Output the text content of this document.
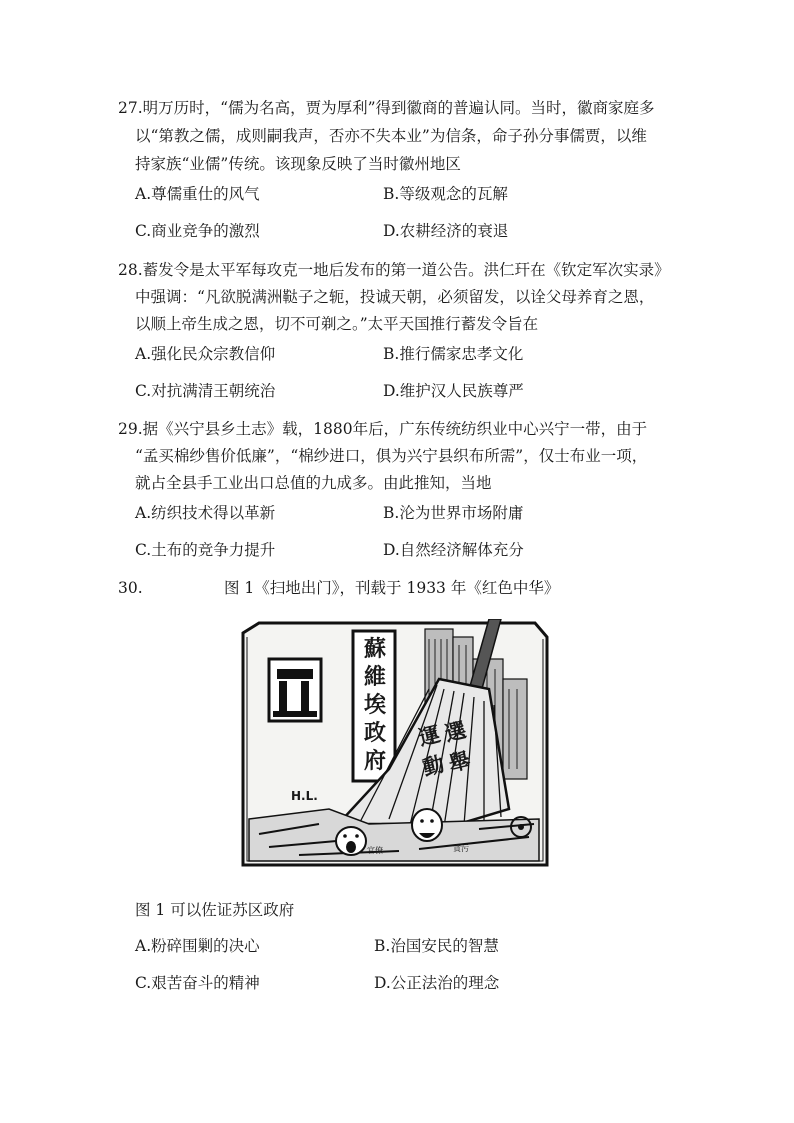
27.明万历时，“儒为名高，贾为厚利”得到徽商的普遍认同。当时，徽商家庭多
以“第教之儒，成则嗣我声，否亦不失本业”为信条，命子孙分事儒贾，以维
持家族“业儒”传统。该现象反映了当时徽州地区
A.尊儒重仕的风气	B.等级观念的瓦解
C.商业竞争的激烈	D.农耕经济的衰退
28.蓄发令是太平军每攻克一地后发布的第一道公告。洪仁玕在《钦定军次实录》
中强调：“凡欲脱满洲鞑子之轭，投诚天朝，必须留发，以诠父母养育之恩，
以顺上帝生成之恩，切不可剃之。”太平天国推行蓄发令旨在
A.强化民众宗教信仰	B.推行儒家忠孝文化
C.对抗满清王朝统治	D.维护汉人民族尊严
29.据《兴宁县乡土志》载，1880年后，广东传统纺织业中心兴宁一带，由于
“孟买棉纱售价低廉”，“棉纱进口，俱为兴宁县织布所需”，仅士布业一项，
就占全县手工业出口总值的九成多。由此推知，当地
A.纺织技术得以革新	B.沦为世界市场附庸
C.土布的竞争力提升	D.自然经济解体充分
30.	图 1《扫地出门》，刊载于 1933 年《红色中华》
蘇
維
埃
政
府
選
舉
運
動
H.L.
官僚	貪污
图 1 可以佐证苏区政府
A.粉碎围剿的决心	B.治国安民的智慧
C.艰苦奋斗的精神	D.公正法治的理念
